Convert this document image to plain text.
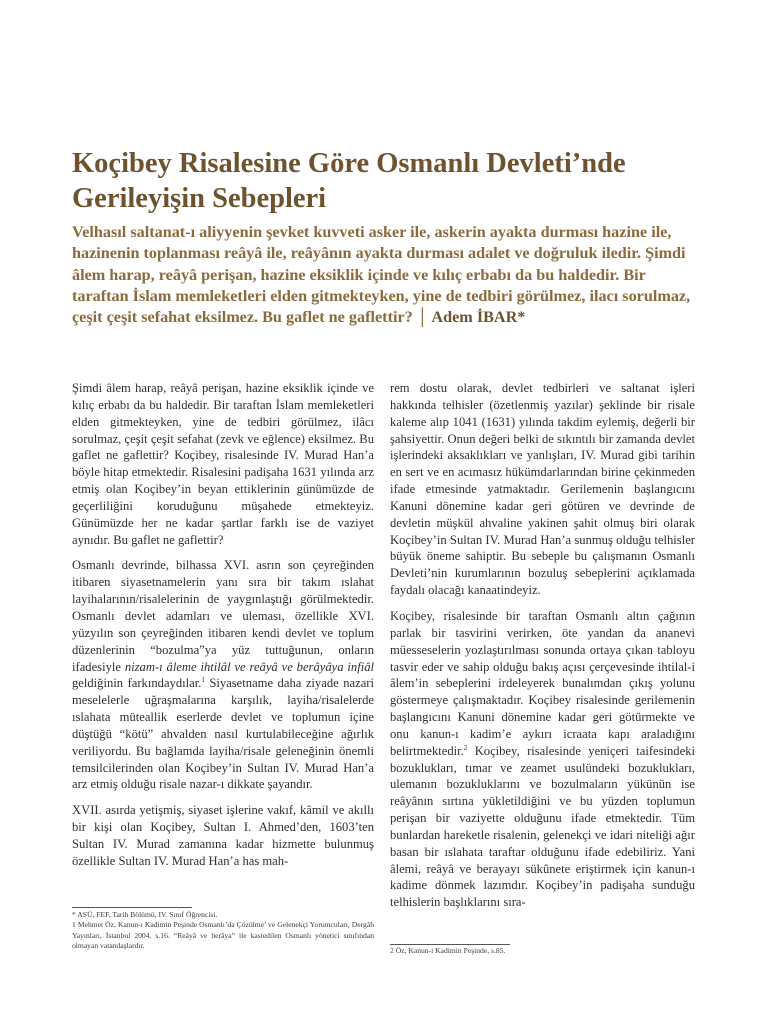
Koçibey Risalesine Göre Osmanlı Devleti’nde Gerileyişin Sebepleri

Velhasıl saltanat-ı aliyyenin şevket kuvveti asker ile, askerin ayakta durması hazine ile, hazinenin toplanması reâyâ ile, reâyânın ayakta durması adalet ve doğruluk iledir. Şimdi âlem harap, reâyâ perişan, hazine eksiklik içinde ve kılıç erbabı da bu haldedir. Bir taraftan İslam memleketleri elden gitmekteyken, yine de tedbiri görülmez, ilacı sorulmaz, çeşit çeşit sefahat eksilmez. Bu gaflet ne gaflettir? │ Adem İBAR*

Şimdi âlem harap, reâyâ perişan, hazine eksiklik içinde ve kılıç erbabı da bu haldedir. Bir taraftan İslam memleketleri elden gitmekteyken, yine de tedbiri görülmez, ilâcı sorulmaz, çeşit çeşit sefahat (zevk ve eğlence) eksilmez. Bu gaflet ne gaflettir? Koçibey, risalesinde IV. Murad Han’a böyle hitap etmektedir. Risalesini padişaha 1631 yılında arz etmiş olan Koçibey’in beyan ettiklerinin günümüzde de geçerliliğini koruduğunu müşahede etmekteyiz. Günümüzde her ne kadar şartlar farklı ise de vaziyet aynıdır. Bu gaflet ne gaflettir?

Osmanlı devrinde, bilhassa XVI. asrın son çeyreğinden itibaren siyasetnamelerin yanı sıra bir takım ıslahat layihalarının/risalelerinin de yaygınlaştığı görülmektedir. Osmanlı devlet adamları ve uleması, özellikle XVI. yüzyılın son çeyreğinden itibaren kendi devlet ve toplum düzenlerinin “bozulma”ya yüz tuttuğunun, onların ifadesiyle nizam-ı âleme ihtilâl ve reâyâ ve berâyâya infiâl geldiğinin farkındaydılar.$^1$ Siyasetname daha ziyade nazari meselelerle uğraşmalarına karşılık, layiha/risalelerde ıslahata müteallik eserlerde devlet ve toplumun içine düştüğü “kötü” ahvalden nasıl kurtulabileceğine ağırlık veriliyordu. Bu bağlamda layiha/risale geleneğinin önemli temsilcilerinden olan Koçibey’in Sultan IV. Murad Han’a arz etmiş olduğu risale nazar-ı dikkate şayandır.

XVII. asırda yetişmiş, siyaset işlerine vakıf, kâmil ve akıllı bir kişi olan Koçibey, Sultan I. Ahmed’den, 1603’ten Sultan IV. Murad zamanına kadar hizmette bulunmuş özellikle Sultan IV. Murad Han’a has mah-

rem dostu olarak, devlet tedbirleri ve saltanat işleri hakkında telhisler (özetlenmiş yazılar) şeklinde bir risale kaleme alıp 1041 (1631) yılında takdim eylemiş, değerli bir şahsiyettir. Onun değeri belki de sıkıntılı bir zamanda devlet işlerindeki aksaklıkları ve yanlışları, IV. Murad gibi tarihin en sert ve en acımasız hükümdarlarından birine çekinmeden ifade etmesinde yatmaktadır. Gerilemenin başlangıcını Kanuni dönemine kadar geri götüren ve devrinde de devletin müşkül ahvaline yakinen şahit olmuş biri olarak Koçibey’in Sultan IV. Murad Han’a sunmuş olduğu telhisler büyük öneme sahiptir. Bu sebeple bu çalışmanın Osmanlı Devleti’nin kurumlarının bozuluş sebeplerini açıklamada faydalı olacağı kanaatindeyiz.

Koçibey, risalesinde bir taraftan Osmanlı altın çağının parlak bir tasvirini verirken, öte yandan da ananevi müesseselerin yozlaştırılması sonunda ortaya çıkan tabloyu tasvir eder ve sahip olduğu bakış açısı çerçevesinde ihtilal-i âlem’in sebeplerini irdeleyerek bunalımdan çıkış yolunu göstermeye çalışmaktadır. Koçibey risalesinde gerilemenin başlangıcını Kanuni dönemine kadar geri götürmekte ve onu kanun-ı kadim’e aykırı icraata kapı araladığını belirtmektedir.$^2$ Koçibey, risalesinde yeniçeri taifesindeki bozuklukları, tımar ve zeamet usulündeki bozuklukları, ulemanın bozukluklarını ve bozulmaların yükünün ise reâyânın sırtına yükletildiğini ve bu yüzden toplumun perişan bir vaziyette olduğunu ifade etmektedir. Tüm bunlardan hareketle risalenin, gelenekçi ve idari niteliği ağır basan bir ıslahata taraftar olduğunu ifade edebiliriz. Yani âlemi, reâyâ ve berayayı sükûnete eriştirmek için kanun-ı kadime dönmek lazımdır. Koçibey’in padişaha sunduğu telhislerin başlıklarını sıra-

* ASÜ, FEF, Tarih Bölümü, IV. Sınıf Öğrencisi.

1 Mehmet Öz, Kanun-ı Kadimin Peşinde Osmanlı’da Çözülme’ ve Gelenekçi Yorumcuları, Dergâh Yayınları, İstanbul 2004, s.16. “Reâyâ ve berâya” ile kastedilen Osmanlı yönetici sınıfından olmayan vatandaşlardır.

2 Öz, Kanun-i Kadimin Peşinde, s.85.
